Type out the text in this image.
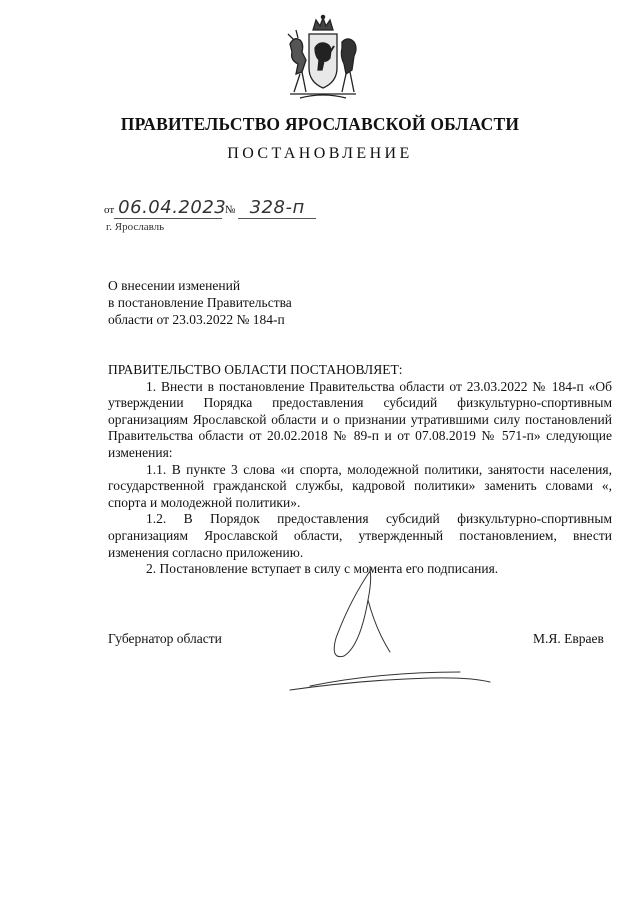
ПРАВИТЕЛЬСТВО ЯРОСЛАВСКОЙ ОБЛАСТИ
ПОСТАНОВЛЕНИЕ
от 06.04.2023 № 328-п
г. Ярославль
О внесении изменений
в постановление Правительства
области от 23.03.2022 № 184-п

ПРАВИТЕЛЬСТВО ОБЛАСТИ ПОСТАНОВЛЯЕТ:

1. Внести в постановление Правительства области от 23.03.2022 № 184-п «Об утверждении Порядка предоставления субсидий физкультурно-спортивным организациям Ярославской области и о признании утратившими силу постановлений Правительства области от 20.02.2018 № 89-п и от 07.08.2019 № 571-п» следующие изменения:

1.1. В пункте 3 слова «и спорта, молодежной политики, занятости населения, государственной гражданской службы, кадровой политики» заменить словами «, спорта и молодежной политики».

1.2. В Порядок предоставления субсидий физкультурно-спортивным организациям Ярославской области, утвержденный постановлением, внести изменения согласно приложению.

2. Постановление вступает в силу с момента его подписания.

Губернатор области	М.Я. Евраев
